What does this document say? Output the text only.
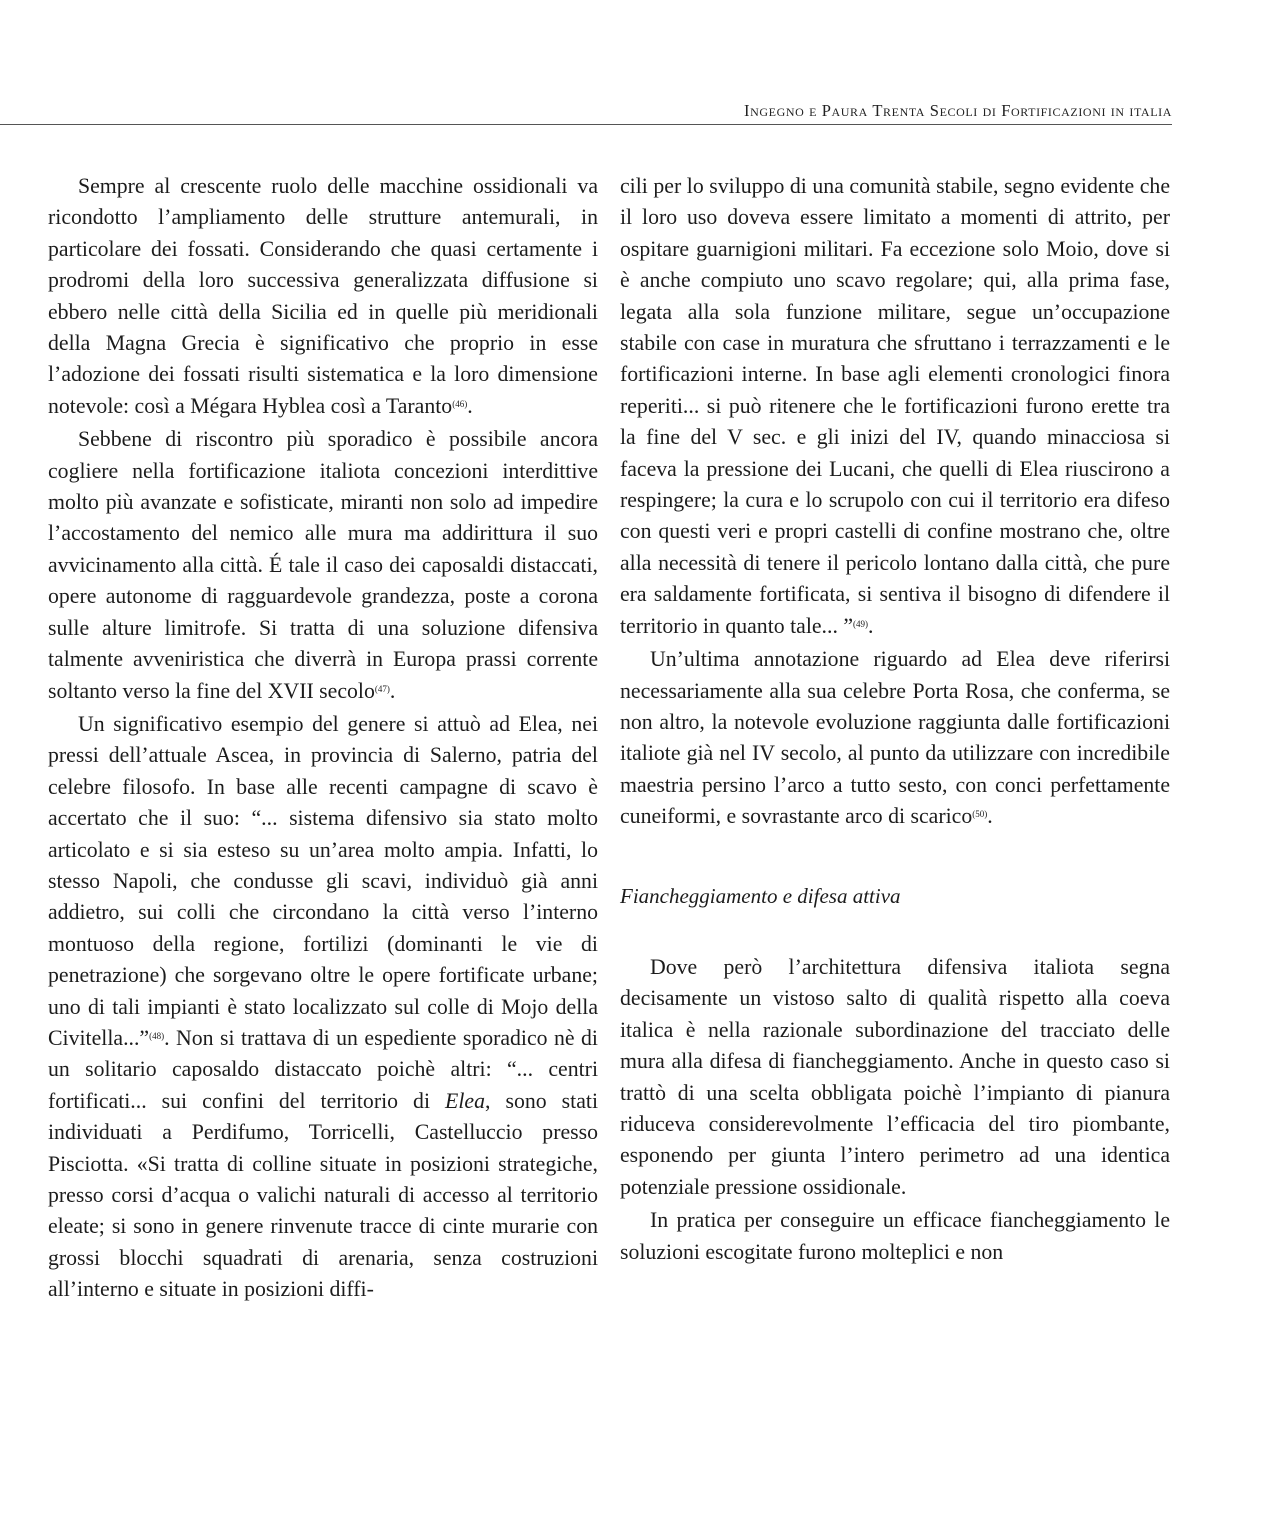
Ingegno e Paura Trenta Secoli di Fortificazioni in italia

Sempre al crescente ruolo delle macchine ossidionali va ricondotto l’ampliamento delle strutture antemurali, in particolare dei fossati. Considerando che quasi certamente i prodromi della loro successiva generalizzata diffusione si ebbero nelle città della Sicilia ed in quelle più meridionali della Magna Grecia è significativo che proprio in esse l’adozione dei fossati risulti sistematica e la loro dimensione notevole: così a Mégara Hyblea così a Taranto$^{(46)}$.

Sebbene di riscontro più sporadico è possibile ancora cogliere nella fortificazione italiota concezioni interdittive molto più avanzate e sofisticate, miranti non solo ad impedire l’accostamento del nemico alle mura ma addirittura il suo avvicinamento alla città. É tale il caso dei caposaldi distaccati, opere autonome di ragguardevole grandezza, poste a corona sulle alture limitrofe. Si tratta di una soluzione difensiva talmente avveniristica che diverrà in Europa prassi corrente soltanto verso la fine del XVII secolo$^{(47)}$.

Un significativo esempio del genere si attuò ad Elea, nei pressi dell’attuale Ascea, in provincia di Salerno, patria del celebre filosofo. In base alle recenti campagne di scavo è accertato che il suo: “... sistema difensivo sia stato molto articolato e si sia esteso su un’area molto ampia. Infatti, lo stesso Napoli, che condusse gli scavi, individuò già anni addietro, sui colli che circondano la città verso l’interno montuoso della regione, fortilizi (dominanti le vie di penetrazione) che sorgevano oltre le opere fortificate urbane; uno di tali impianti è stato localizzato sul colle di Mojo della Civitella...”$^{(48)}$. Non si trattava di un espediente sporadico nè di un solitario caposaldo distaccato poichè altri: “... centri fortificati... sui confini del territorio di Elea, sono stati individuati a Perdifumo, Torricelli, Castelluccio presso Pisciotta. «Si tratta di colline situate in posizioni strategiche, presso corsi d’acqua o valichi naturali di accesso al territorio eleate; si sono in genere rinvenute tracce di cinte murarie con grossi blocchi squadrati di arenaria, senza costruzioni all’interno e situate in posizioni diffi-

cili per lo sviluppo di una comunità stabile, segno evidente che il loro uso doveva essere limitato a momenti di attrito, per ospitare guarnigioni militari. Fa eccezione solo Moio, dove si è anche compiuto uno scavo regolare; qui, alla prima fase, legata alla sola funzione militare, segue un’occupazione stabile con case in muratura che sfruttano i terrazzamenti e le fortificazioni interne. In base agli elementi cronologici finora reperiti... si può ritenere che le fortificazioni furono erette tra la fine del V sec. e gli inizi del IV, quando minacciosa si faceva la pressione dei Lucani, che quelli di Elea riuscirono a respingere; la cura e lo scrupolo con cui il territorio era difeso con questi veri e propri castelli di confine mostrano che, oltre alla necessità di tenere il pericolo lontano dalla città, che pure era saldamente fortificata, si sentiva il bisogno di difendere il territorio in quanto tale... ”$^{(49)}$.

Un’ultima annotazione riguardo ad Elea deve riferirsi necessariamente alla sua celebre Porta Rosa, che conferma, se non altro, la notevole evoluzione raggiunta dalle fortificazioni italiote già nel IV secolo, al punto da utilizzare con incredibile maestria persino l’arco a tutto sesto, con conci perfettamente cuneiformi, e sovrastante arco di scarico$^{(50)}$.

Fiancheggiamento e difesa attiva

Dove però l’architettura difensiva italiota segna decisamente un vistoso salto di qualità rispetto alla coeva italica è nella razionale subordinazione del tracciato delle mura alla difesa di fiancheggiamento. Anche in questo caso si trattò di una scelta obbligata poichè l’impianto di pianura riduceva considerevolmente l’efficacia del tiro piombante, esponendo per giunta l’intero perimetro ad una identica potenziale pressione ossidionale.

In pratica per conseguire un efficace fiancheggiamento le soluzioni escogitate furono molteplici e non
